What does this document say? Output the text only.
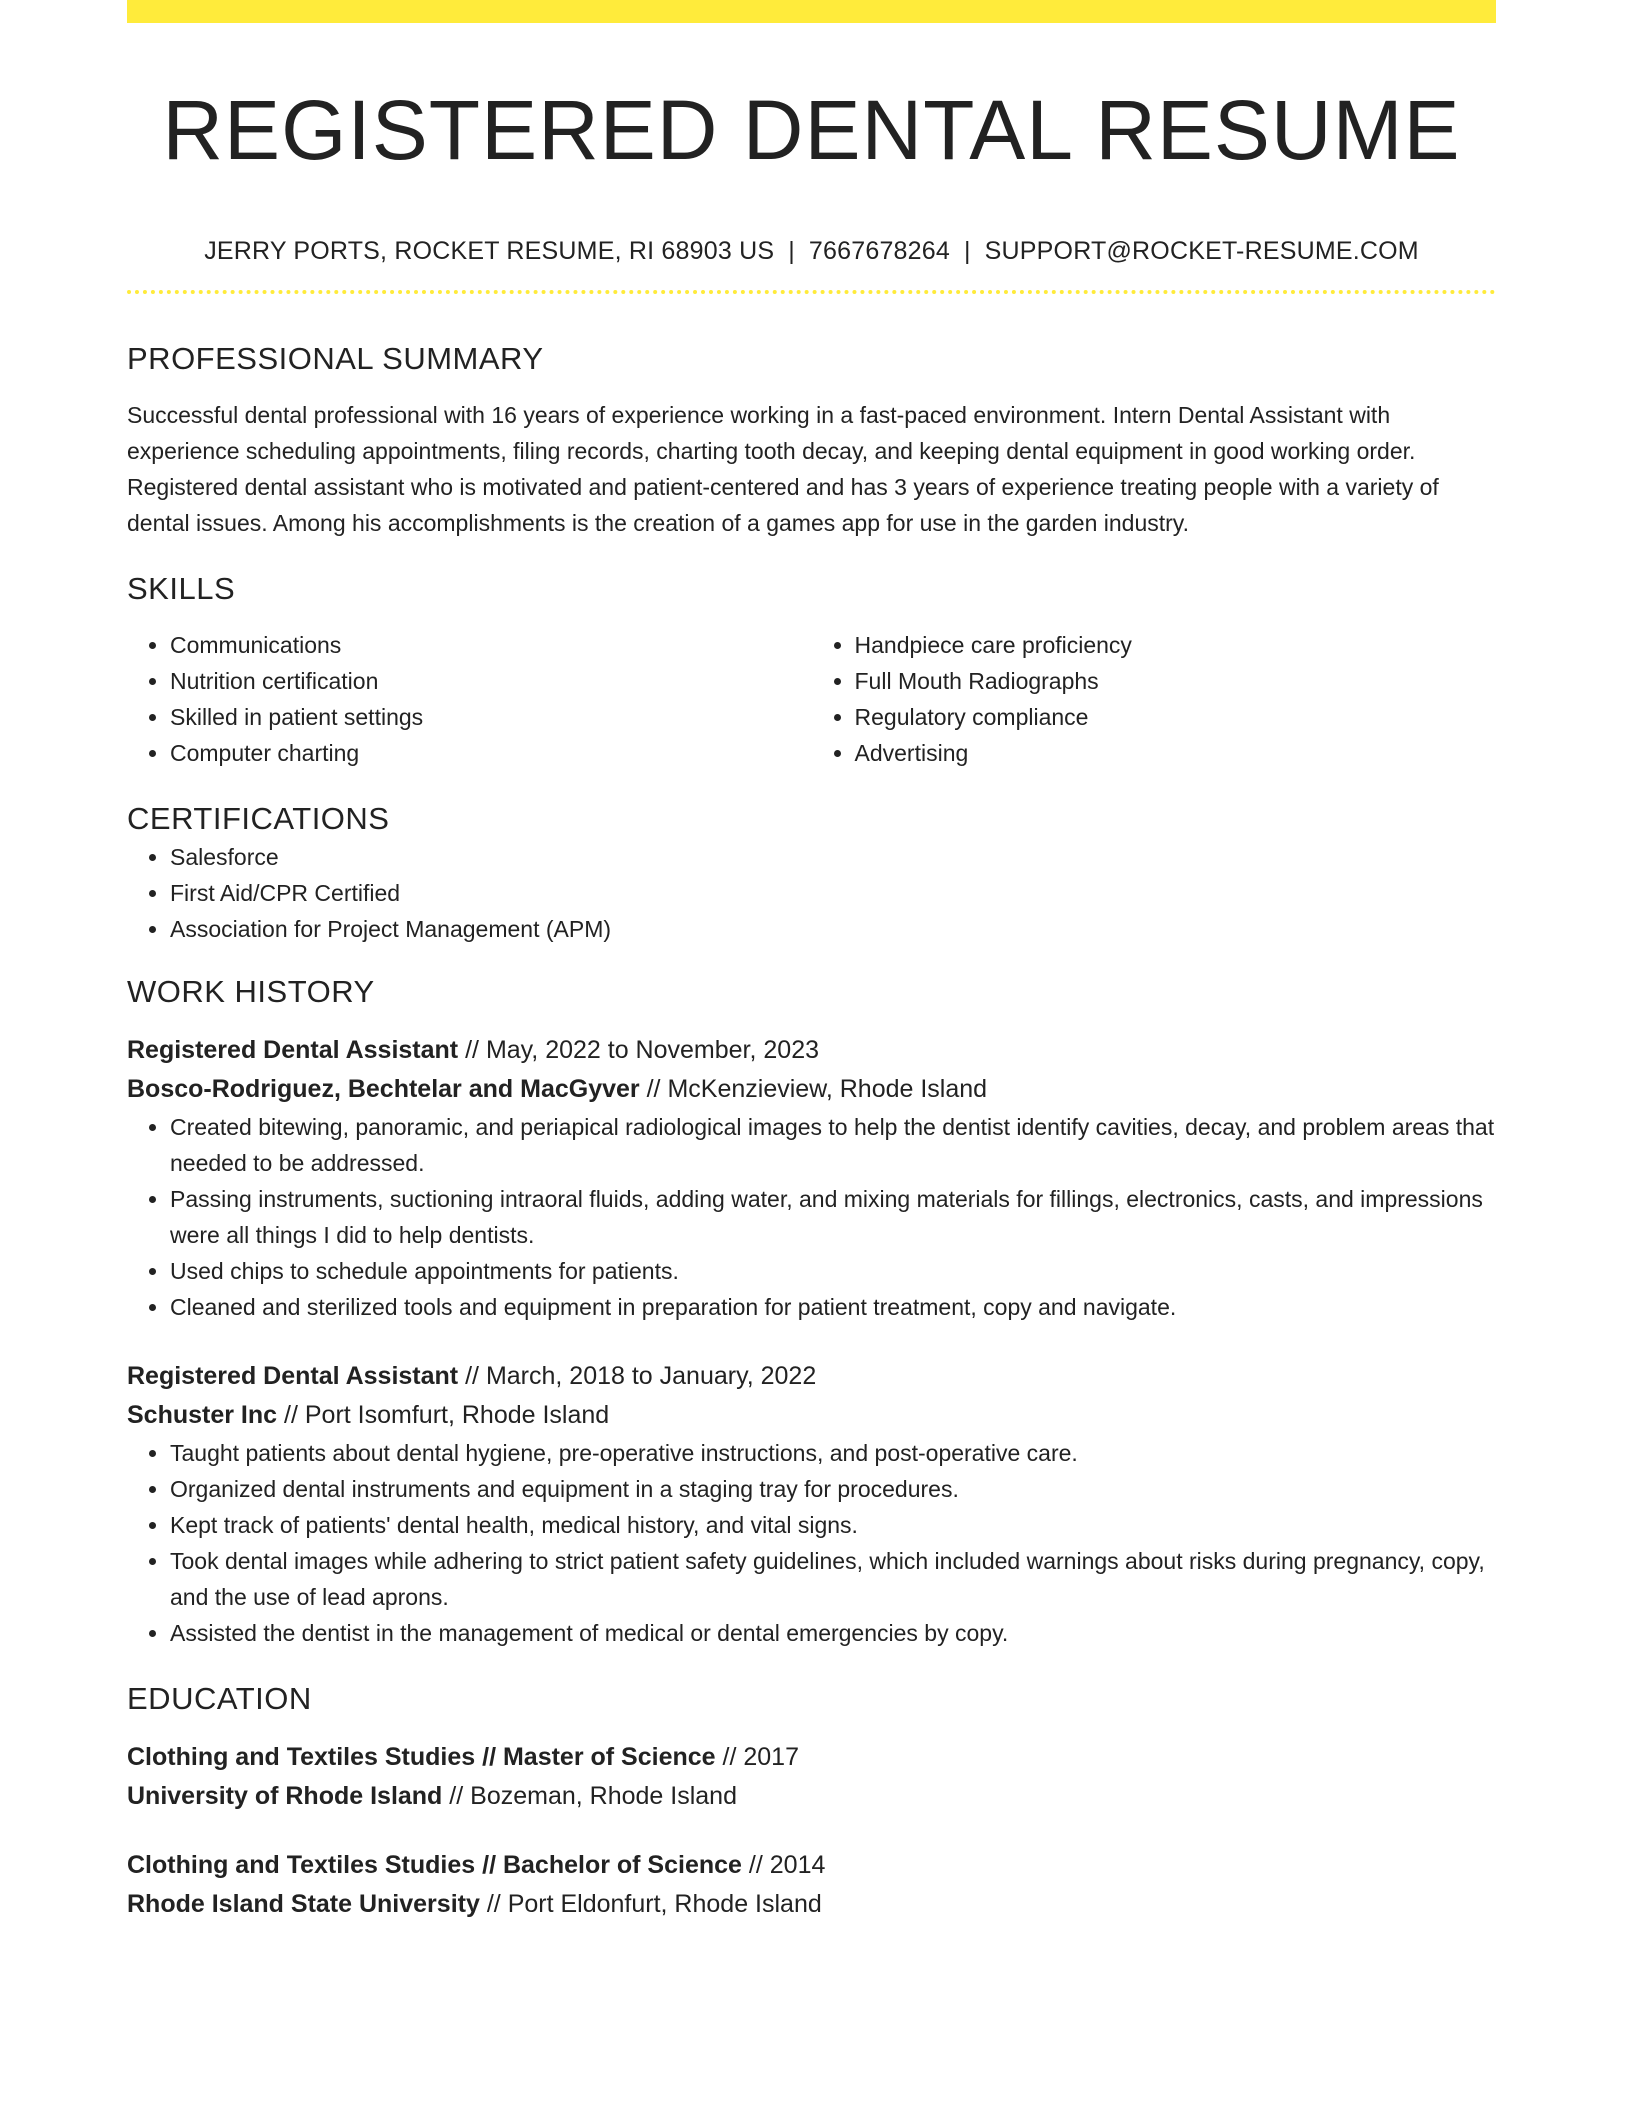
REGISTERED DENTAL RESUME
JERRY PORTS, ROCKET RESUME, RI 68903 US | 7667678264 | SUPPORT@ROCKET-RESUME.COM
PROFESSIONAL SUMMARY
Successful dental professional with 16 years of experience working in a fast-paced environment. Intern Dental Assistant with experience scheduling appointments, filing records, charting tooth decay, and keeping dental equipment in good working order. Registered dental assistant who is motivated and patient-centered and has 3 years of experience treating people with a variety of dental issues. Among his accomplishments is the creation of a games app for use in the garden industry.
SKILLS
• Communications
• Nutrition certification
• Skilled in patient settings
• Computer charting
• Handpiece care proficiency
• Full Mouth Radiographs
• Regulatory compliance
• Advertising
CERTIFICATIONS
• Salesforce
• First Aid/CPR Certified
• Association for Project Management (APM)
WORK HISTORY
Registered Dental Assistant // May, 2022 to November, 2023
Bosco-Rodriguez, Bechtelar and MacGyver // McKenzieview, Rhode Island
• Created bitewing, panoramic, and periapical radiological images to help the dentist identify cavities, decay, and problem areas that needed to be addressed.
• Passing instruments, suctioning intraoral fluids, adding water, and mixing materials for fillings, electronics, casts, and impressions were all things I did to help dentists.
• Used chips to schedule appointments for patients.
• Cleaned and sterilized tools and equipment in preparation for patient treatment, copy and navigate.
Registered Dental Assistant // March, 2018 to January, 2022
Schuster Inc // Port Isomfurt, Rhode Island
• Taught patients about dental hygiene, pre-operative instructions, and post-operative care.
• Organized dental instruments and equipment in a staging tray for procedures.
• Kept track of patients' dental health, medical history, and vital signs.
• Took dental images while adhering to strict patient safety guidelines, which included warnings about risks during pregnancy, copy, and the use of lead aprons.
• Assisted the dentist in the management of medical or dental emergencies by copy.
EDUCATION
Clothing and Textiles Studies // Master of Science // 2017
University of Rhode Island // Bozeman, Rhode Island
Clothing and Textiles Studies // Bachelor of Science // 2014
Rhode Island State University // Port Eldonfurt, Rhode Island
